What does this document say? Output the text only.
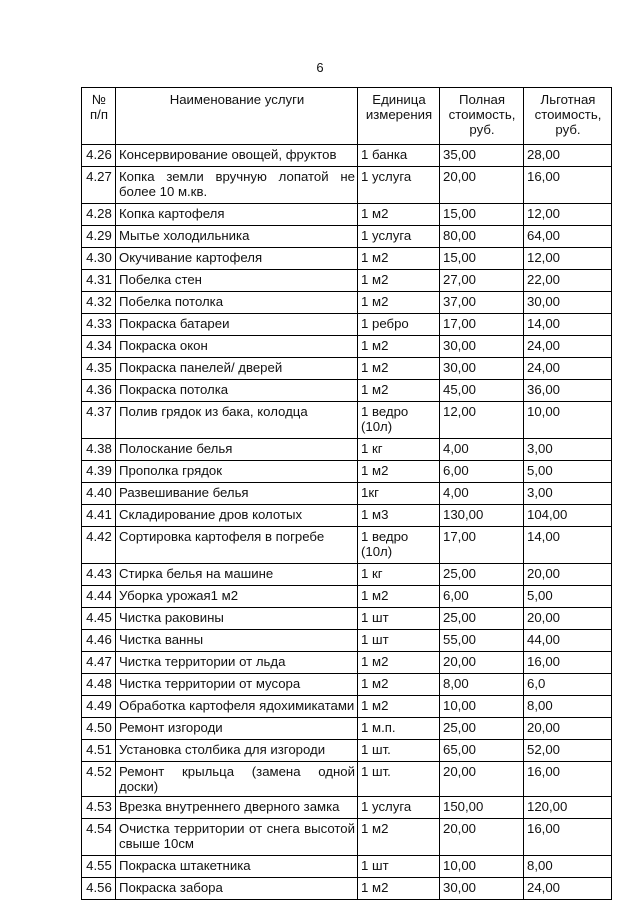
6
№ п/п	Наименование услуги	Единица измерения	Полная стоимость, руб.	Льготная стоимость, руб.
4.26	Консервирование овощей, фруктов	1 банка	35,00	28,00
4.27	Копка земли вручную лопатой не более 10 м.кв.	1 услуга	20,00	16,00
4.28	Копка картофеля	1 м2	15,00	12,00
4.29	Мытье холодильника	1 услуга	80,00	64,00
4.30	Окучивание картофеля	1 м2	15,00	12,00
4.31	Побелка стен	1 м2	27,00	22,00
4.32	Побелка потолка	1 м2	37,00	30,00
4.33	Покраска батареи	1 ребро	17,00	14,00
4.34	Покраска окон	1 м2	30,00	24,00
4.35	Покраска панелей/ дверей	1 м2	30,00	24,00
4.36	Покраска потолка	1 м2	45,00	36,00
4.37	Полив грядок из бака, колодца	1 ведро (10л)	12,00	10,00
4.38	Полоскание белья	1 кг	4,00	3,00
4.39	Прополка грядок	1 м2	6,00	5,00
4.40	Развешивание белья	1кг	4,00	3,00
4.41	Складирование дров колотых	1 м3	130,00	104,00
4.42	Сортировка картофеля в погребе	1 ведро (10л)	17,00	14,00
4.43	Стирка белья на машине	1 кг	25,00	20,00
4.44	Уборка урожая1 м2	1 м2	6,00	5,00
4.45	Чистка раковины	1 шт	25,00	20,00
4.46	Чистка ванны	1 шт	55,00	44,00
4.47	Чистка территории от льда	1 м2	20,00	16,00
4.48	Чистка территории от мусора	1 м2	8,00	6,0
4.49	Обработка картофеля ядохимикатами	1 м2	10,00	8,00
4.50	Ремонт изгороди	1 м.п.	25,00	20,00
4.51	Установка столбика для изгороди	1 шт.	65,00	52,00
4.52	Ремонт крыльца (замена одной доски)	1 шт.	20,00	16,00
4.53	Врезка внутреннего дверного замка	1 услуга	150,00	120,00
4.54	Очистка территории от снега высотой свыше 10см	1 м2	20,00	16,00
4.55	Покраска штакетника	1 шт	10,00	8,00
4.56	Покраска забора	1 м2	30,00	24,00
